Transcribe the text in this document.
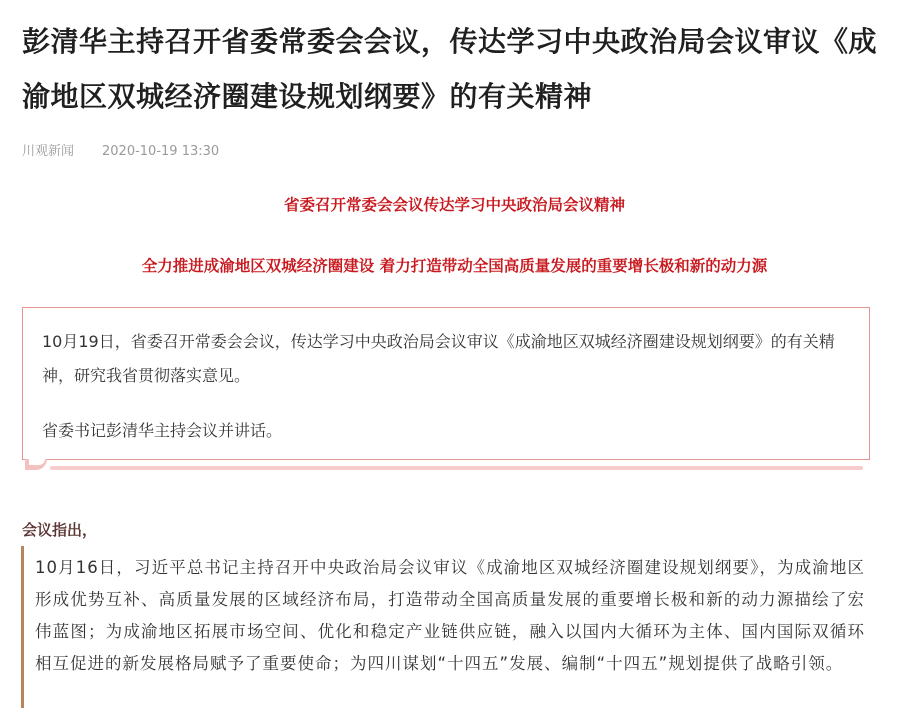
彭清华主持召开省委常委会会议，传达学习中央政治局会议审议《成渝地区双城经济圈建设规划纲要》的有关精神
川观新闻 2020-10-19 13:30
省委召开常委会会议传达学习中央政治局会议精神
全力推进成渝地区双城经济圈建设 着力打造带动全国高质量发展的重要增长极和新的动力源

10月19日，省委召开常委会会议，传达学习中央政治局会议审议《成渝地区双城经济圈建设规划纲要》的有关精神，研究我省贯彻落实意见。

省委书记彭清华主持会议并讲话。

会议指出，

10月16日，习近平总书记主持召开中央政治局会议审议《成渝地区双城经济圈建设规划纲要》，为成渝地区形成优势互补、高质量发展的区域经济布局，打造带动全国高质量发展的重要增长极和新的动力源描绘了宏伟蓝图；为成渝地区拓展市场空间、优化和稳定产业链供应链，融入以国内大循环为主体、国内国际双循环相互促进的新发展格局赋予了重要使命；为四川谋划“十四五”发展、编制“十四五”规划提供了战略引领。
